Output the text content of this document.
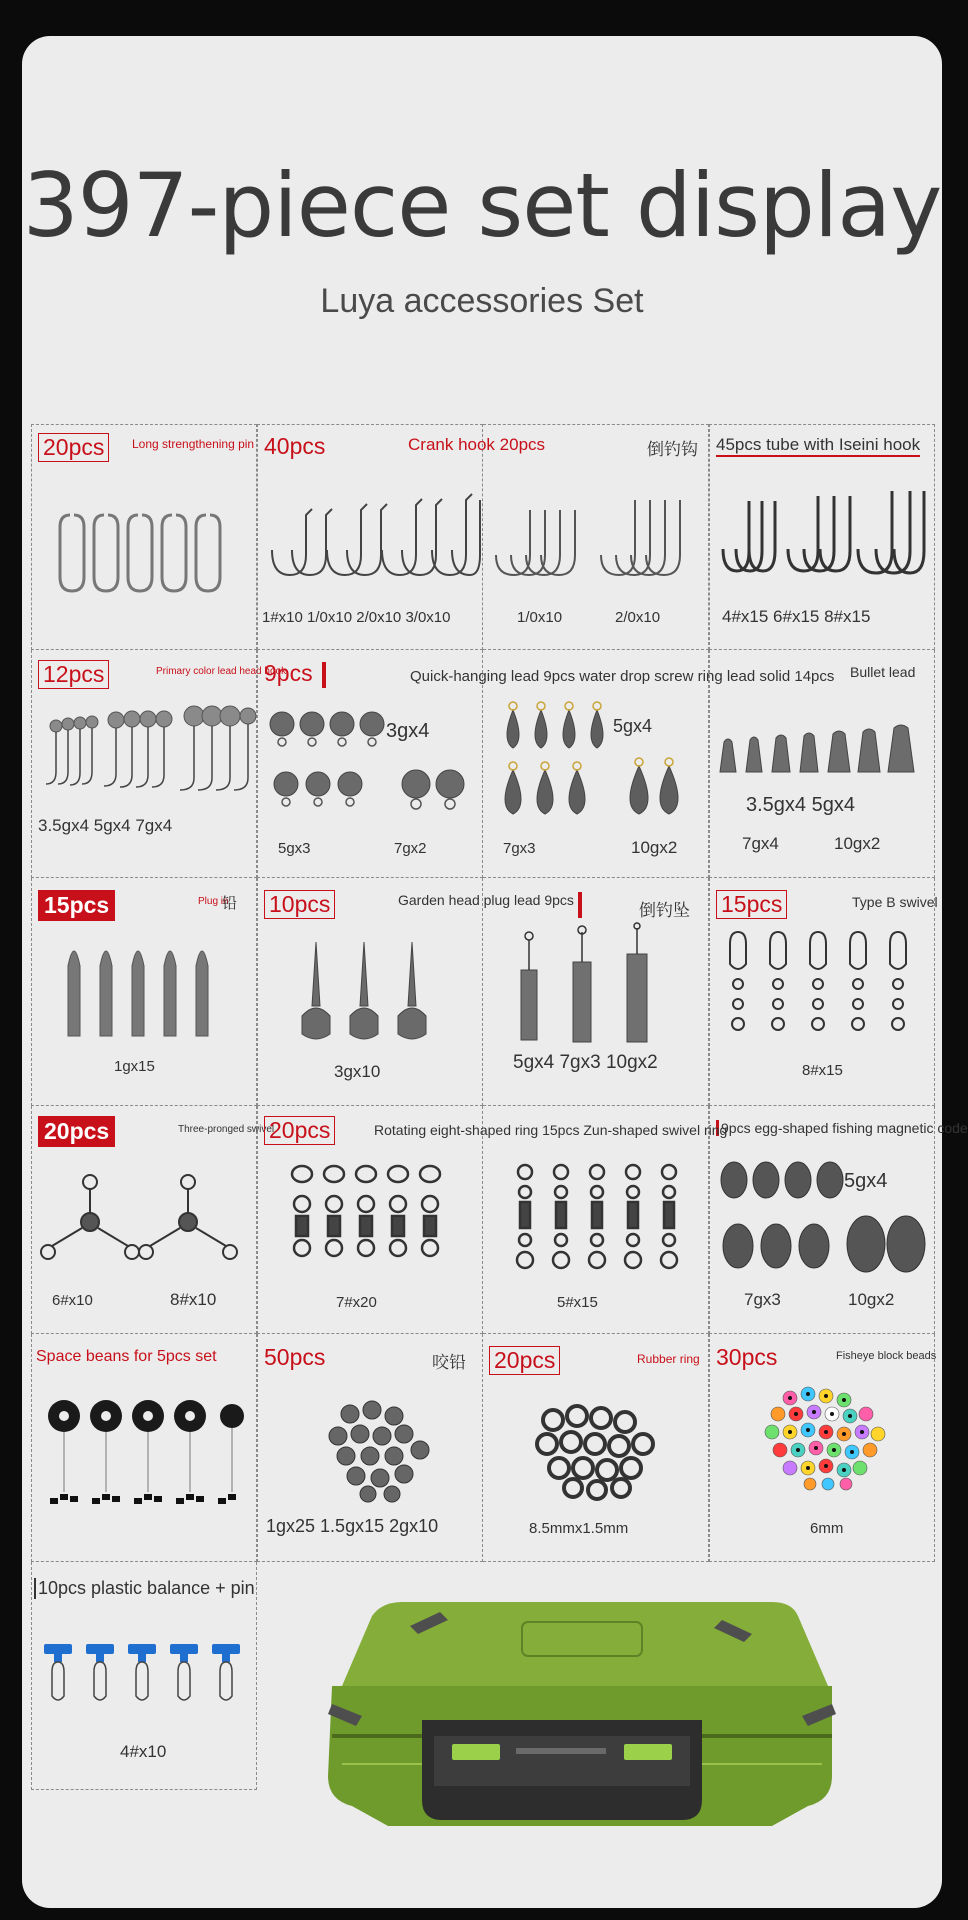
397-piece set display
Luya accessories Set
20pcs	Long strengthening pin 40pcs	Crank hook 20pcs
1#x10 1/0x10 2/0x10 3/0x10
倒钓钩
1/0x10	2/0x10
45pcs tube with Iseini hook
4#x15 6#x15 8#x15
12pcs	Primary color lead head hook
3.5gx4 5gx4 7gx4
9pcs
3gx4
5gx3	7gx2
Quick-hanging lead 9pcs water drop screw ring lead solid 14pcs
5gx4
7gx3	10gx2
Bullet lead
3.5gx4 5gx4
7gx4	10gx2
15pcs	Plug in
铅
1gx15
10pcs	Garden head plug lead 9pcs
3gx10
倒钓坠
5gx4 7gx3 10gx2
15pcs	Type B swivel
8#x15
20pcs	Three-pronged swivel
6#x10	8#x10
20pcs
7#x20
Rotating eight-shaped ring 15pcs Zun-shaped swivel ring
5#x15
9pcs egg-shaped fishing magnetic code
5gx4
7gx3	10gx2
Space beans for 5pcs set 50pcs	咬铅
1gx25 1.5gx15 2gx10
20pcs	Rubber ring
8.5mmx1.5mm
30pcs	Fisheye block beads
6mm
10pcs plastic balance + pin
4#x10
